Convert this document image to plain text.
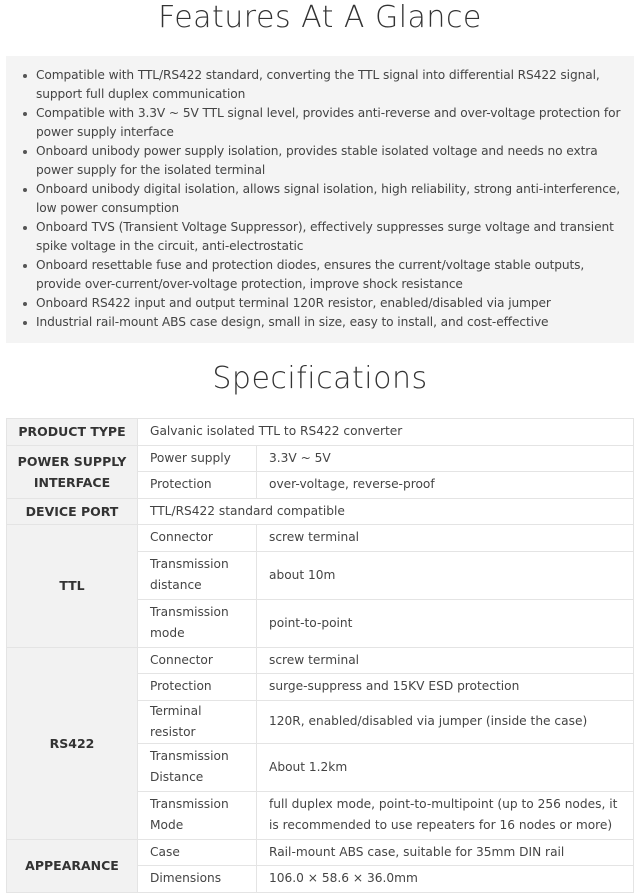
Features At A Glance
Compatible with TTL/RS422 standard, converting the TTL signal into differential RS422 signal, support full duplex communication
Compatible with 3.3V ~ 5V TTL signal level, provides anti-reverse and over-voltage protection for power supply interface
Onboard unibody power supply isolation, provides stable isolated voltage and needs no extra power supply for the isolated terminal
Onboard unibody digital isolation, allows signal isolation, high reliability, strong anti-interference, low power consumption
Onboard TVS (Transient Voltage Suppressor), effectively suppresses surge voltage and transient spike voltage in the circuit, anti-electrostatic
Onboard resettable fuse and protection diodes, ensures the current/voltage stable outputs, provide over-current/over-voltage protection, improve shock resistance
Onboard RS422 input and output terminal 120R resistor, enabled/disabled via jumper
Industrial rail-mount ABS case design, small in size, easy to install, and cost-effective
Specifications
PRODUCT TYPE	Galvanic isolated TTL to RS422 converter	
POWER SUPPLY INTERFACE	Power supply	3.3V ~ 5V
	Protection	over-voltage, reverse-proof
DEVICE PORT	TTL/RS422 standard compatible	
TTL	Connector	screw terminal
	Transmission distance	about 10m
	Transmission mode	point-to-point
RS422	Connector	screw terminal
	Protection	surge-suppress and 15KV ESD protection
	Terminal resistor	120R, enabled/disabled via jumper (inside the case)
	Transmission Distance	About 1.2km
	Transmission Mode	full duplex mode, point-to-multipoint (up to 256 nodes, it is recommended to use repeaters for 16 nodes or more)
APPEARANCE	Case	Rail-mount ABS case, suitable for 35mm DIN rail
	Dimensions	106.0 × 58.6 × 36.0mm
